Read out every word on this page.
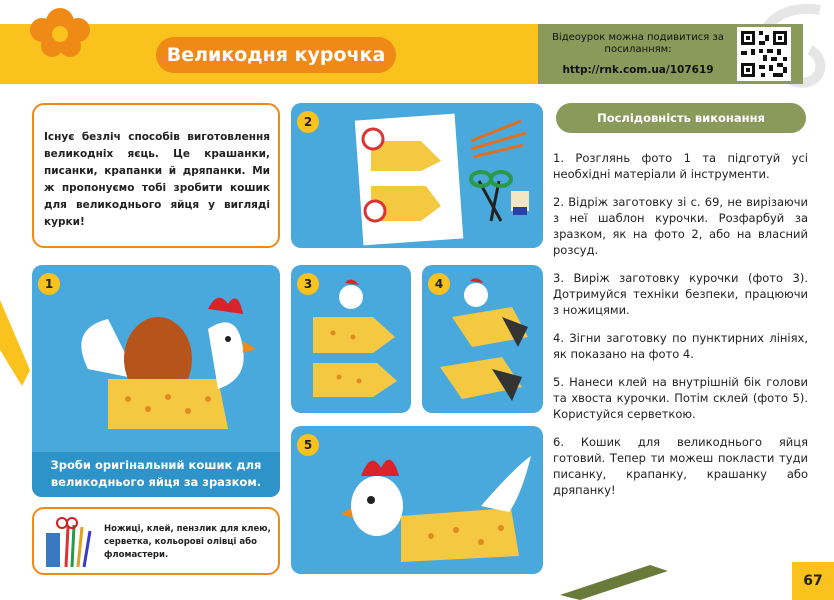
Великодня курочка
Відеоурок можна подивитися за посиланням:
http://rnk.com.ua/107619

Існує безліч способів виготовлення великодніх яєць. Це крашанки, писанки, крапанки й дряпанки. Ми ж пропонуємо тобі зробити кошик для великоднього яйця у вигляді курки!

2
1
Зроби оригінальний кошик для великоднього яйця за зразком.
Ножиці, клей, пензлик для клею, серветка, кольорові олівці або фломастери.
3	4
5
Послідовність виконання
1. Розглянь фото 1 та підготуй усі необхідні матеріали й інструменти.
2. Відріж заготовку зі с. 69, не вирізаючи з неї шаблон курочки. Розфарбуй за зразком, як на фото 2, або на власний розсуд.
3. Виріж заготовку курочки (фото 3). Дотримуйся техніки безпеки, працюючи з ножицями.
4. Зігни заготовку по пунктирних лініях, як показано на фото 4.
5. Нанеси клей на внутрішній бік голови та хвоста курочки. Потім склей (фото 5). Користуйся серветкою.
6. Кошик для великоднього яйця готовий. Тепер ти можеш покласти туди писанку, крапанку, крашанку або дряпанку!
67
